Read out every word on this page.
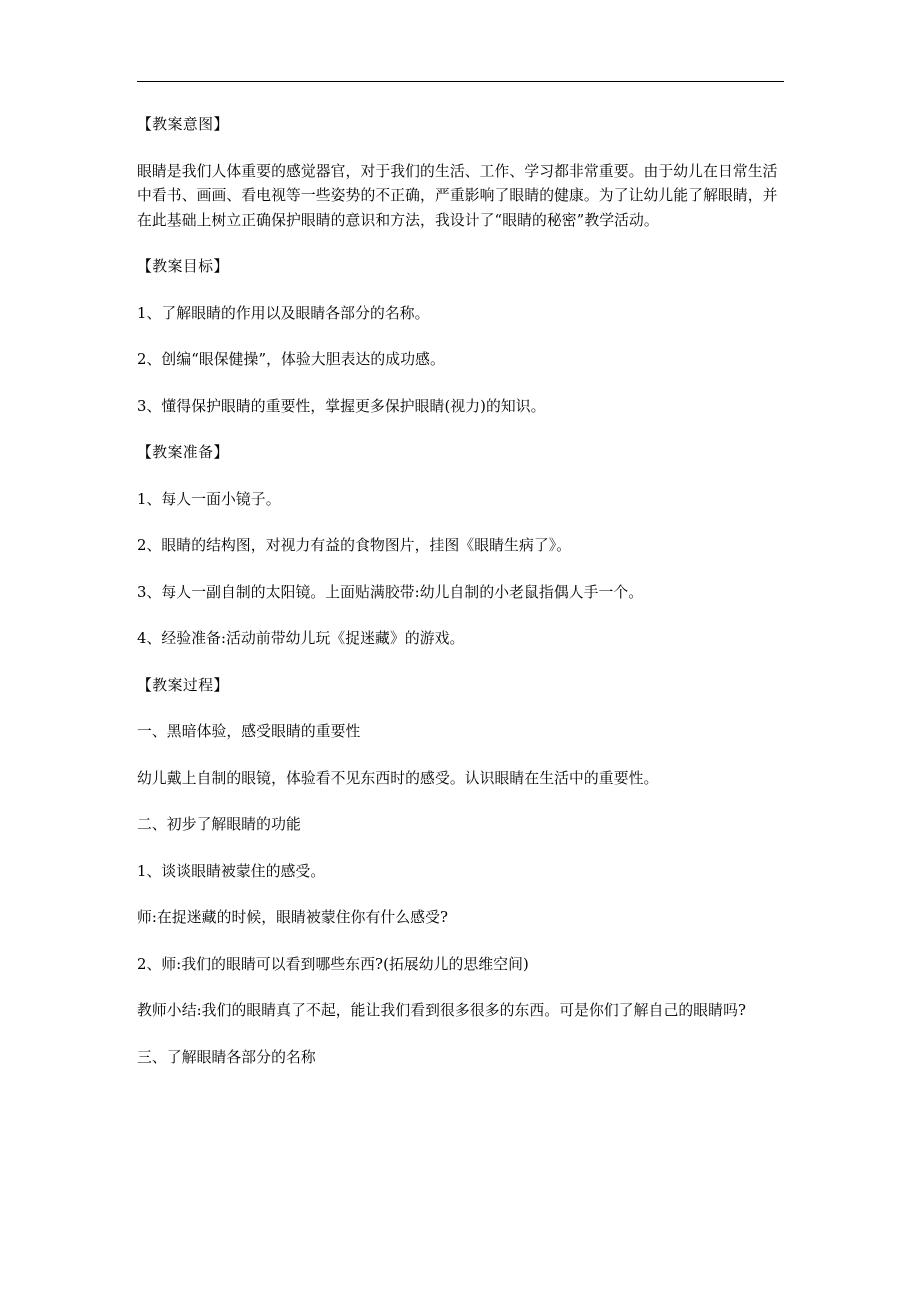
【教案意图】

眼睛是我们人体重要的感觉器官，对于我们的生活、工作、学习都非常重要。由于幼儿在日常生活中看书、画画、看电视等一些姿势的不正确，严重影响了眼睛的健康。为了让幼儿能了解眼睛，并在此基础上树立正确保护眼睛的意识和方法，我设计了“眼睛的秘密”教学活动。

【教案目标】

1、了解眼睛的作用以及眼睛各部分的名称。

2、创编“眼保健操”，体验大胆表达的成功感。

3、懂得保护眼睛的重要性，掌握更多保护眼睛(视力)的知识。

【教案准备】

1、每人一面小镜子。

2、眼睛的结构图，对视力有益的食物图片，挂图《眼睛生病了》。

3、每人一副自制的太阳镜。上面贴满胶带:幼儿自制的小老鼠指偶人手一个。

4、经验准备:活动前带幼儿玩《捉迷藏》的游戏。

【教案过程】

一、黑暗体验，感受眼睛的重要性

幼儿戴上自制的眼镜，体验看不见东西时的感受。认识眼睛在生活中的重要性。

二、初步了解眼睛的功能

1、谈谈眼睛被蒙住的感受。

师:在捉迷藏的时候，眼睛被蒙住你有什么感受?

2、师:我们的眼睛可以看到哪些东西?(拓展幼儿的思维空间)

教师小结:我们的眼睛真了不起，能让我们看到很多很多的东西。可是你们了解自己的眼睛吗?

三、了解眼睛各部分的名称
